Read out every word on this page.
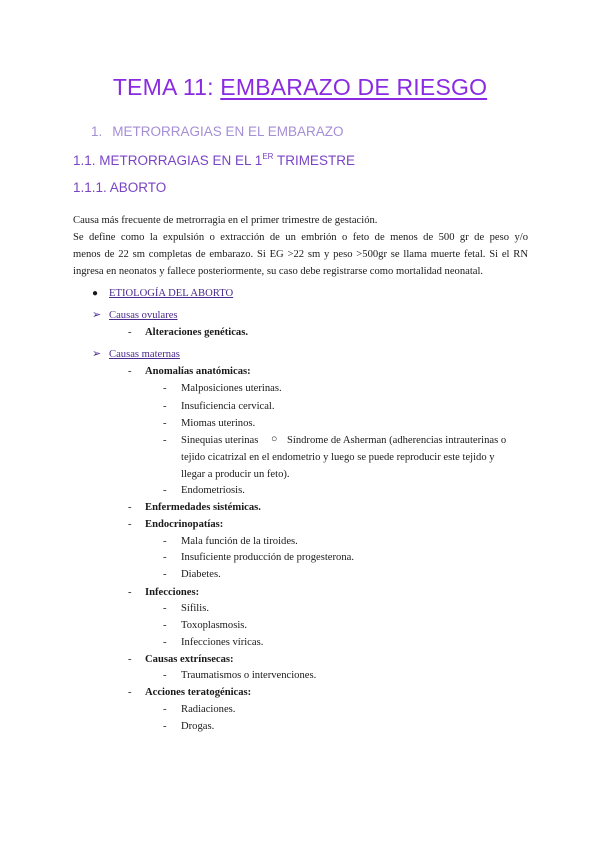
TEMA 11: EMBARAZO DE RIESGO
1. METRORRAGIAS EN EL EMBARAZO
1.1. METRORRAGIAS EN EL 1ER TRIMESTRE
1.1.1. ABORTO
Causa más frecuente de metrorragia en el primer trimestre de gestación.
Se define como la expulsión o extracción de un embrión o feto de menos de 500 gr de peso y/o
menos de 22 sm completas de embarazo. Si EG >22 sm y peso >500gr se llama muerte fetal. Si el RN
ingresa en neonatos y fallece posteriormente, su caso debe registrarse como mortalidad neonatal.
● ETIOLOGÍA DEL ABORTO
➢ Causas ovulares
- Alteraciones genéticas.
➢ Causas maternas
- Anomalías anatómicas:
- Malposiciones uterinas.
- Insuficiencia cervical.
- Miomas uterinos.
- Sinequias uterinas ○ Síndrome de Asherman (adherencias intrauterinas o
tejido cicatrizal en el endometrio y luego se puede reproducir este tejido y
llegar a producir un feto).
- Endometriosis.
- Enfermedades sistémicas.
- Endocrinopatías:
- Mala función de la tiroides.
- Insuficiente producción de progesterona.
- Diabetes.
- Infecciones:
- Sífilis.
- Toxoplasmosis.
- Infecciones víricas.
- Causas extrínsecas:
- Traumatismos o intervenciones.
- Acciones teratogénicas:
- Radiaciones.
- Drogas.
